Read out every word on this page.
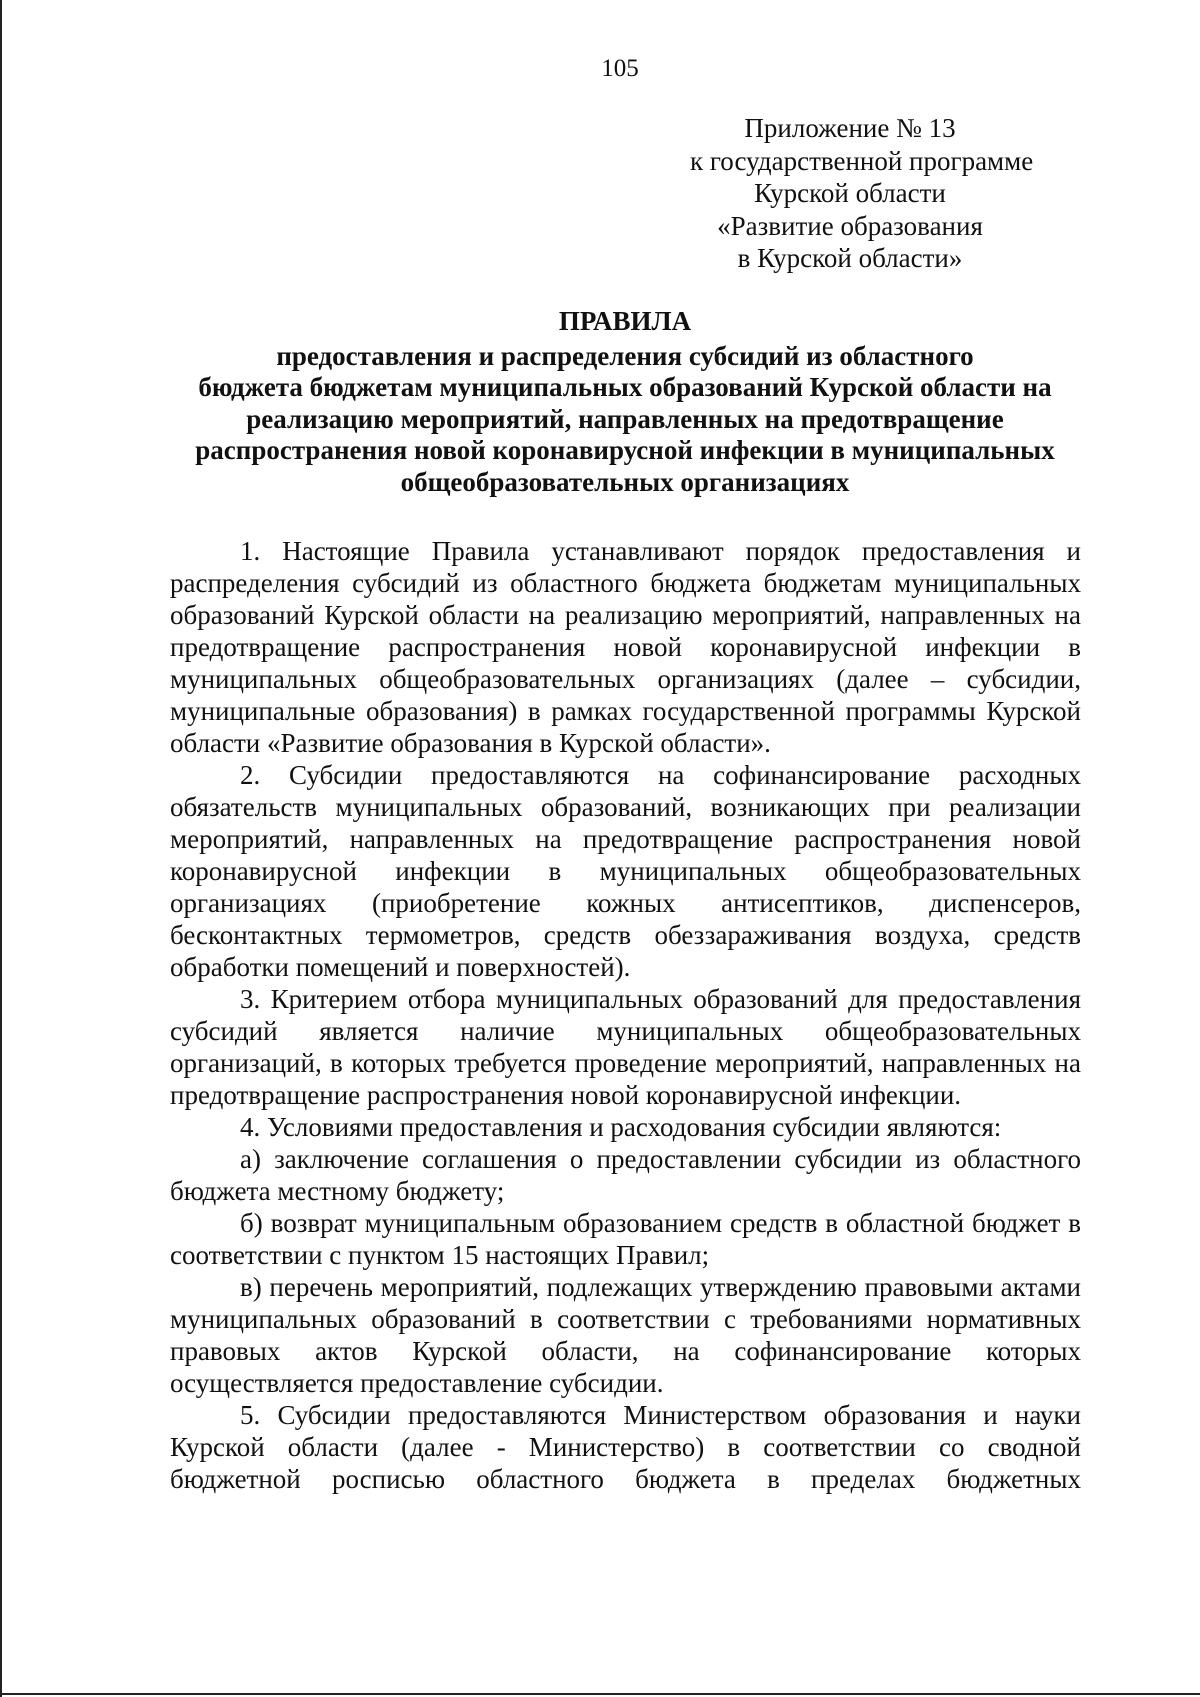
105
Приложение № 13
к государственной программе
Курской области
«Развитие образования
в Курской области»
ПРАВИЛА
предоставления и распределения субсидий из областного
бюджета бюджетам муниципальных образований Курской области на
реализацию мероприятий, направленных на предотвращение
распространения новой коронавирусной инфекции в муниципальных
общеобразовательных организациях

1. Настоящие Правила устанавливают порядок предоставления и распределения субсидий из областного бюджета бюджетам муниципальных образований Курской области на реализацию мероприятий, направленных на предотвращение распространения новой коронавирусной инфекции в муниципальных общеобразовательных организациях (далее – субсидии, муниципальные образования) в рамках государственной программы Курской области «Развитие образования в Курской области».

2. Субсидии предоставляются на софинансирование расходных обязательств муниципальных образований, возникающих при реализации мероприятий, направленных на предотвращение распространения новой коронавирусной инфекции в муниципальных общеобразовательных организациях (приобретение кожных антисептиков, диспенсеров, бесконтактных термометров, средств обеззараживания воздуха, средств обработки помещений и поверхностей).

3. Критерием отбора муниципальных образований для предоставления субсидий является наличие муниципальных общеобразовательных организаций, в которых требуется проведение мероприятий, направленных на предотвращение распространения новой коронавирусной инфекции.

4. Условиями предоставления и расходования субсидии являются:

а) заключение соглашения о предоставлении субсидии из областного бюджета местному бюджету;

б) возврат муниципальным образованием средств в областной бюджет в соответствии с пунктом 15 настоящих Правил;

в) перечень мероприятий, подлежащих утверждению правовыми актами муниципальных образований в соответствии с требованиями нормативных правовых актов Курской области, на софинансирование которых осуществляется предоставление субсидии.

5. Субсидии предоставляются Министерством образования и науки Курской области (далее - Министерство) в соответствии со сводной бюджетной росписью областного бюджета в пределах бюджетных
